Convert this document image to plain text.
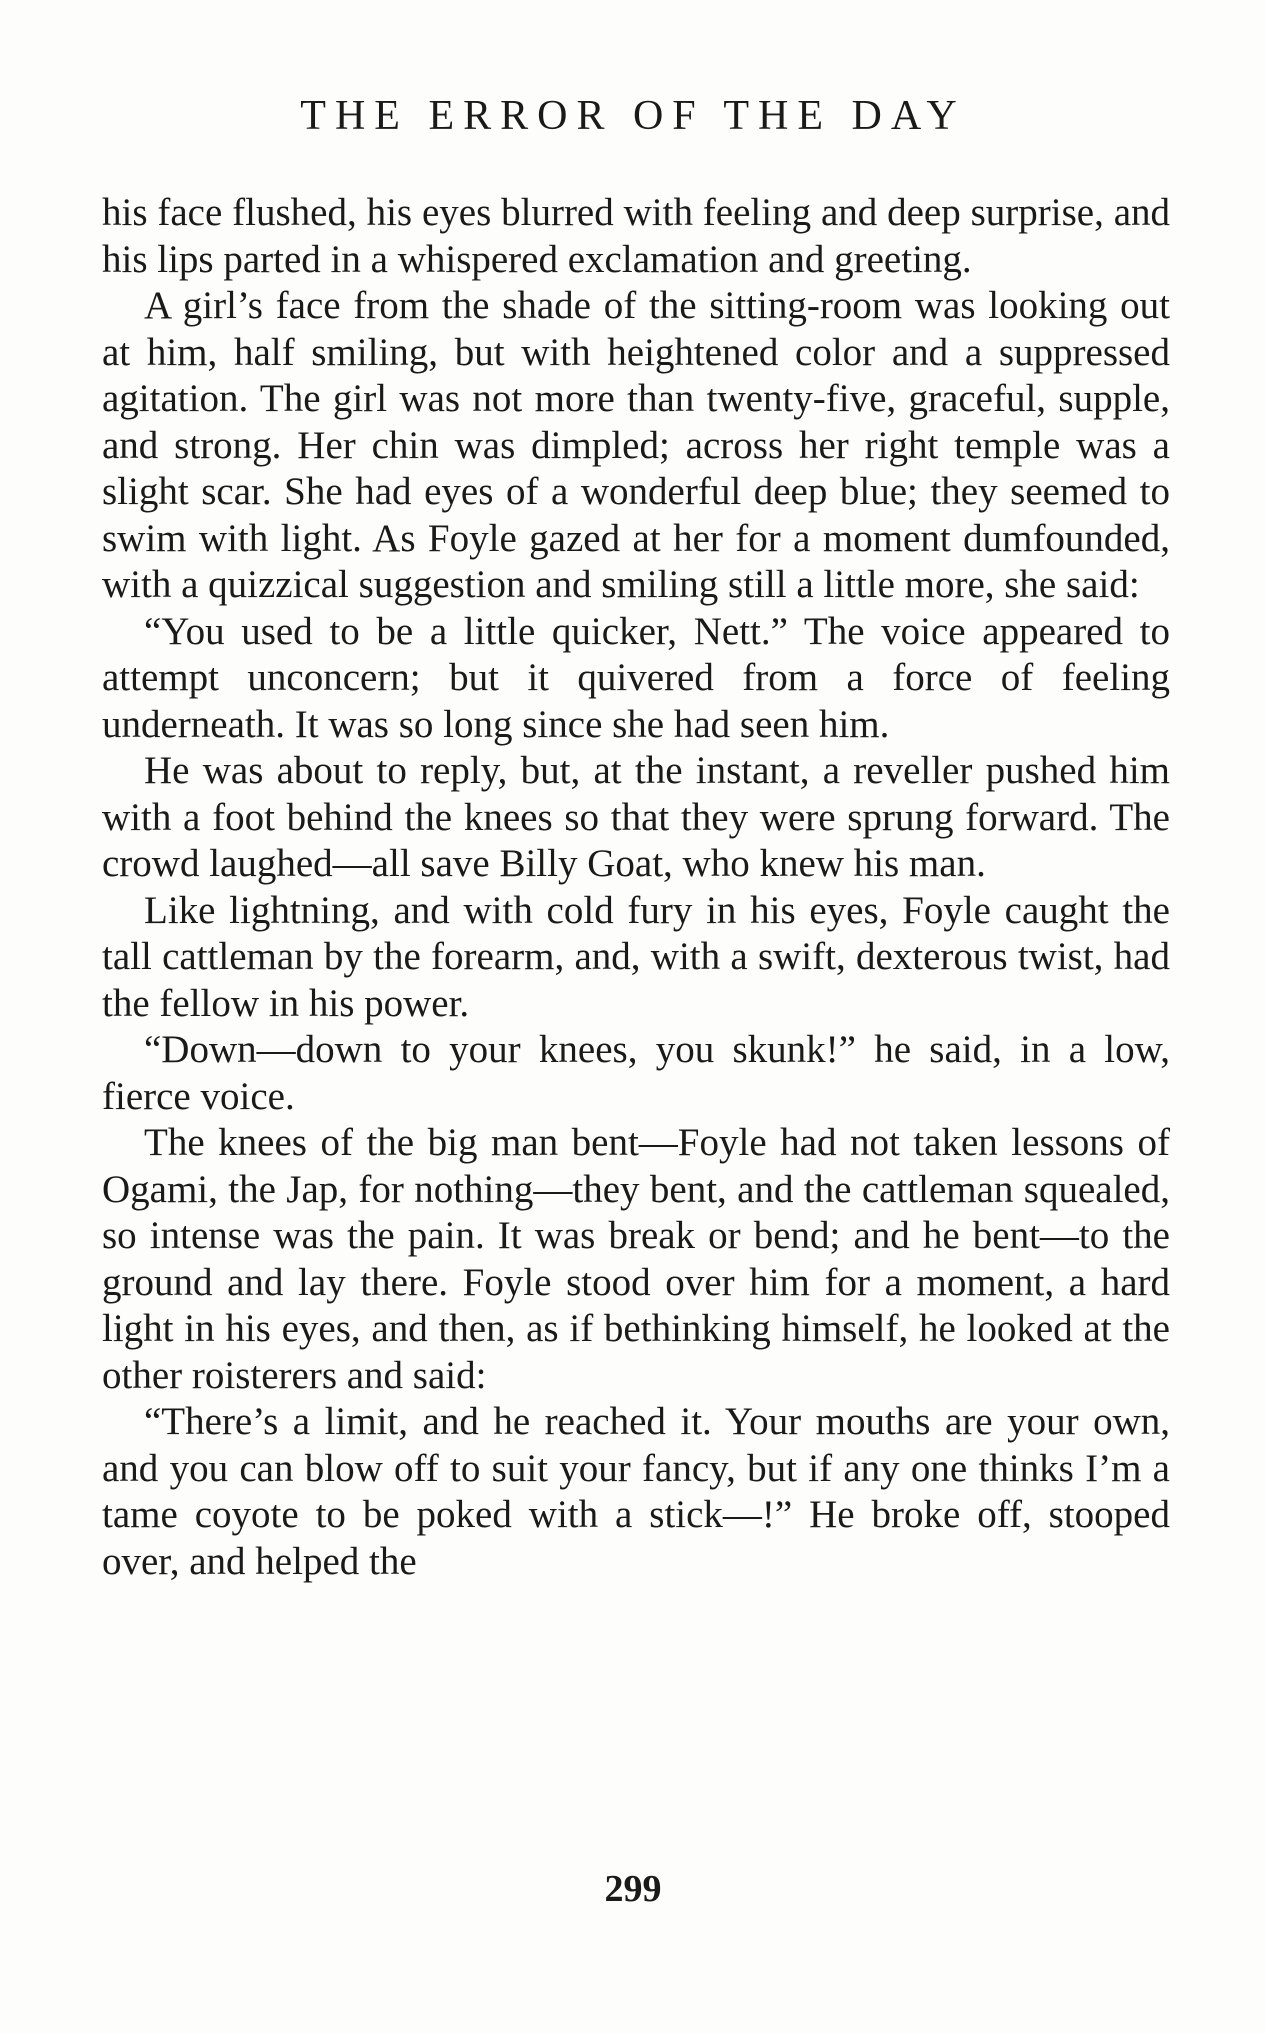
THE ERROR OF THE DAY

his face flushed, his eyes blurred with feeling and deep surprise, and his lips parted in a whispered exclamation and greeting.

A girl’s face from the shade of the sitting-room was looking out at him, half smiling, but with heightened color and a suppressed agitation. The girl was not more than twenty-five, graceful, supple, and strong. Her chin was dimpled; across her right temple was a slight scar. She had eyes of a wonderful deep blue; they seemed to swim with light. As Foyle gazed at her for a moment dumfounded, with a quizzical suggestion and smiling still a little more, she said:

“You used to be a little quicker, Nett.” The voice appeared to attempt unconcern; but it quivered from a force of feeling underneath. It was so long since she had seen him.

He was about to reply, but, at the instant, a reveller pushed him with a foot behind the knees so that they were sprung forward. The crowd laughed—all save Billy Goat, who knew his man.

Like lightning, and with cold fury in his eyes, Foyle caught the tall cattleman by the forearm, and, with a swift, dexterous twist, had the fellow in his power.

“Down—down to your knees, you skunk!” he said, in a low, fierce voice.

The knees of the big man bent—Foyle had not taken lessons of Ogami, the Jap, for nothing—they bent, and the cattleman squealed, so intense was the pain. It was break or bend; and he bent—to the ground and lay there. Foyle stood over him for a moment, a hard light in his eyes, and then, as if bethinking himself, he looked at the other roisterers and said:

“There’s a limit, and he reached it. Your mouths are your own, and you can blow off to suit your fancy, but if any one thinks I’m a tame coyote to be poked with a stick—!” He broke off, stooped over, and helped the

299
